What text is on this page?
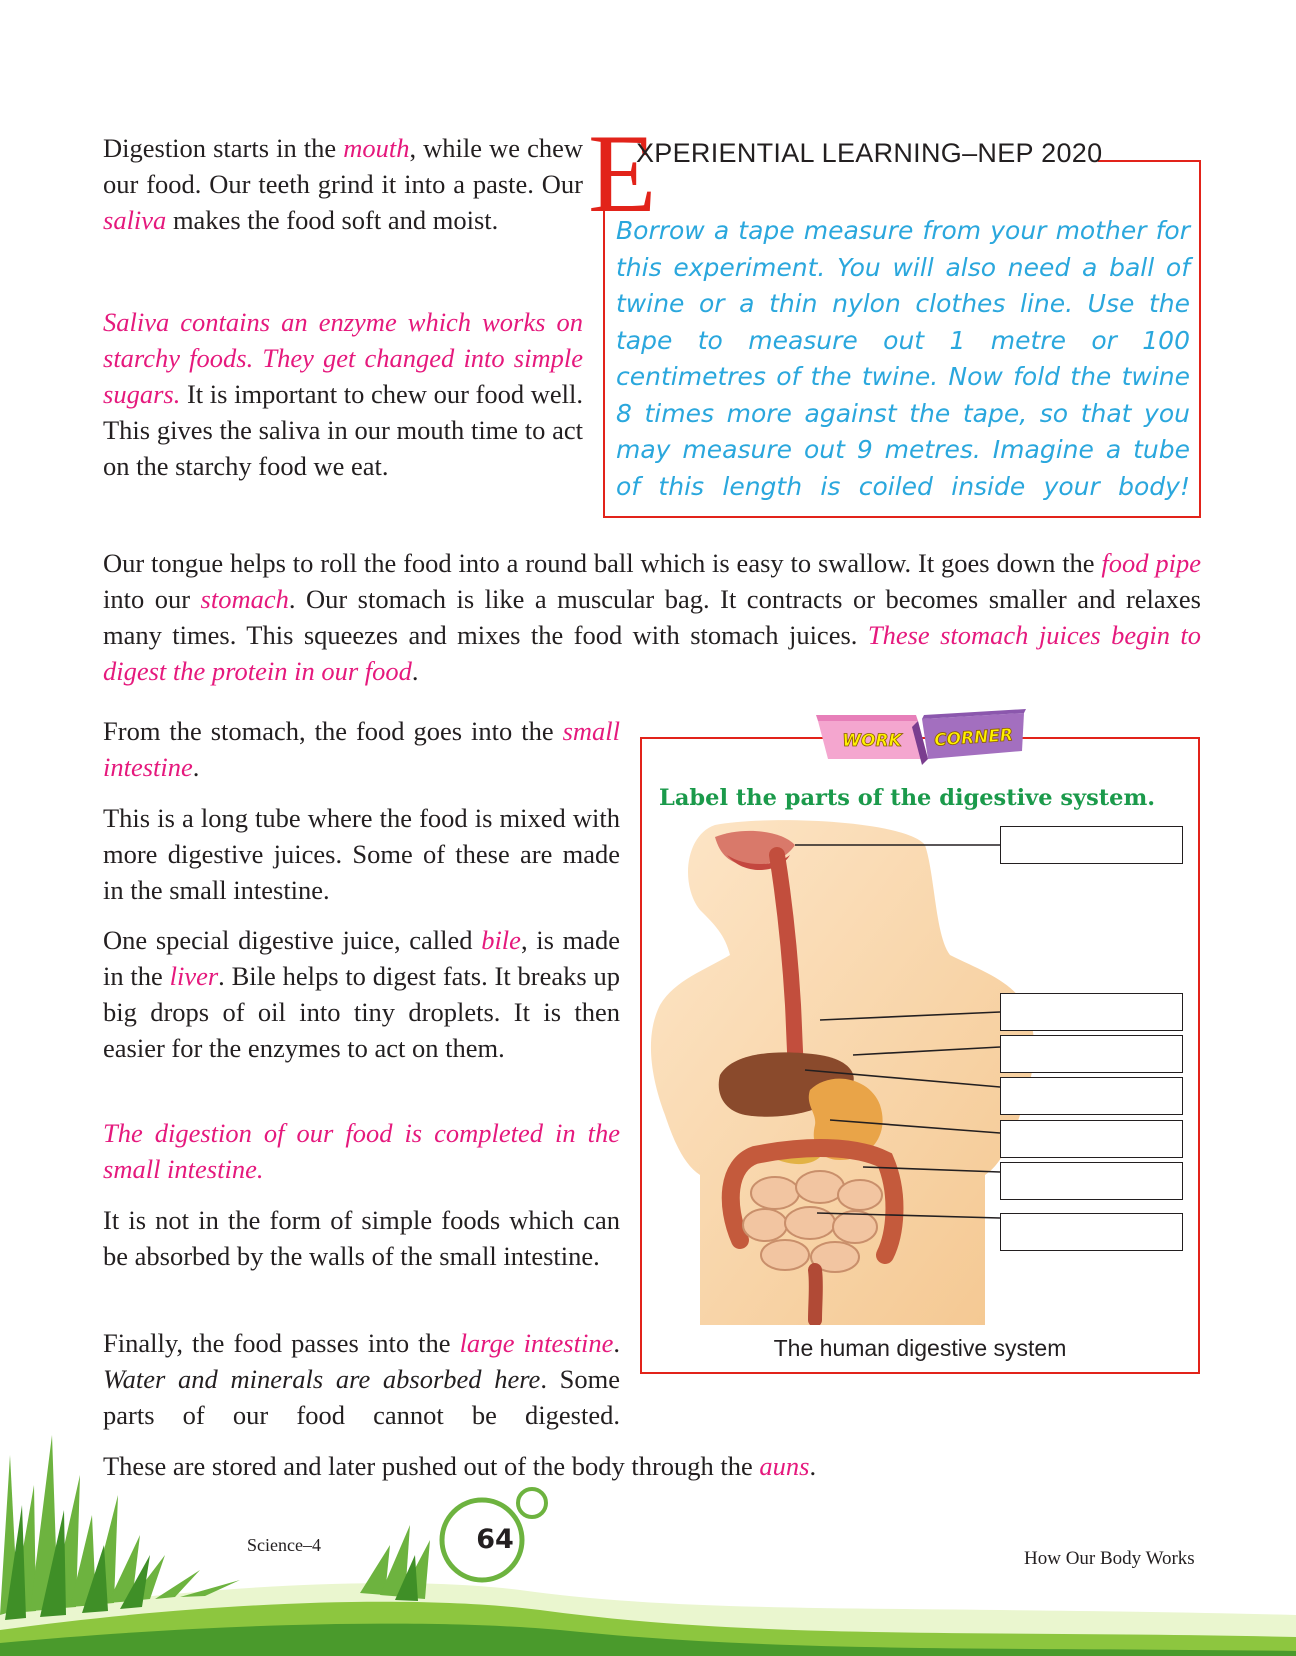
Digestion starts in the mouth, while we chew our food. Our teeth grind it into a paste. Our saliva makes the food soft and moist.

Saliva contains an enzyme which works on starchy foods. They get changed into simple sugars. It is important to chew our food well. This gives the saliva in our mouth time to act on the starchy food we eat.

E
XPERIENTIAL LEARNING–NEP 2020

Borrow a tape measure from your mother for this experiment. You will also need a ball of twine or a thin nylon clothes line. Use the tape to measure out 1 metre or 100 centimetres of the twine. Now fold the twine 8 times more against the tape, so that you may measure out 9 metres. Imagine a tube of this length is coiled inside your body!

Our tongue helps to roll the food into a round ball which is easy to swallow. It goes down the food pipe into our stomach. Our stomach is like a muscular bag. It contracts or becomes smaller and relaxes many times. This squeezes and mixes the food with stomach juices. These stomach juices begin to digest the protein in our food.

From the stomach, the food goes into the small intestine.

This is a long tube where the food is mixed with more digestive juices. Some of these are made in the small intestine.

One special digestive juice, called bile, is made in the liver. Bile helps to digest fats. It breaks up big drops of oil into tiny droplets. It is then easier for the enzymes to act on them.

The digestion of our food is completed in the small intestine.

It is not in the form of simple foods which can be absorbed by the walls of the small intestine.

Finally, the food passes into the large intestine. Water and minerals are absorbed here. Some parts of our food cannot be digested.

These are stored and later pushed out of the body through the auns.

WORK CORNER
Label the parts of the digestive system.
The human digestive system
Science–4	64
How Our Body Works
